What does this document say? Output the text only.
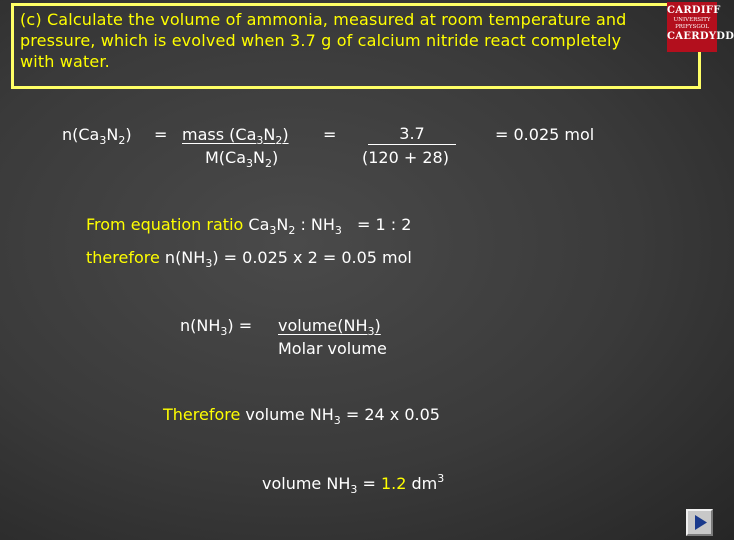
(c) Calculate the volume of ammonia, measured at room temperature and
pressure, which is evolved when 3.7 g of calcium nitride react completely
with water.
CARDIFF
UNIVERSITY PRIFYSGOL
CAERDYDD
$n(Ca_3N_2)$ = mass $(Ca_3N_2)$
$M(Ca_3N_2)$
=	3.7
(120 + 28)
= 0.025 mol
From equation ratio $Ca_3N_2$ : $NH_3 = 1$ : 2
therefore $n(NH_3) = 0.025$ x 2 = 0.05 mol
$n(NH_3)$ = $volume(NH_3)$
Molar volume
Therefore volume $NH_3 = 24$ x 0.05
volume $NH_3 = 1.2$ $dm^3$
